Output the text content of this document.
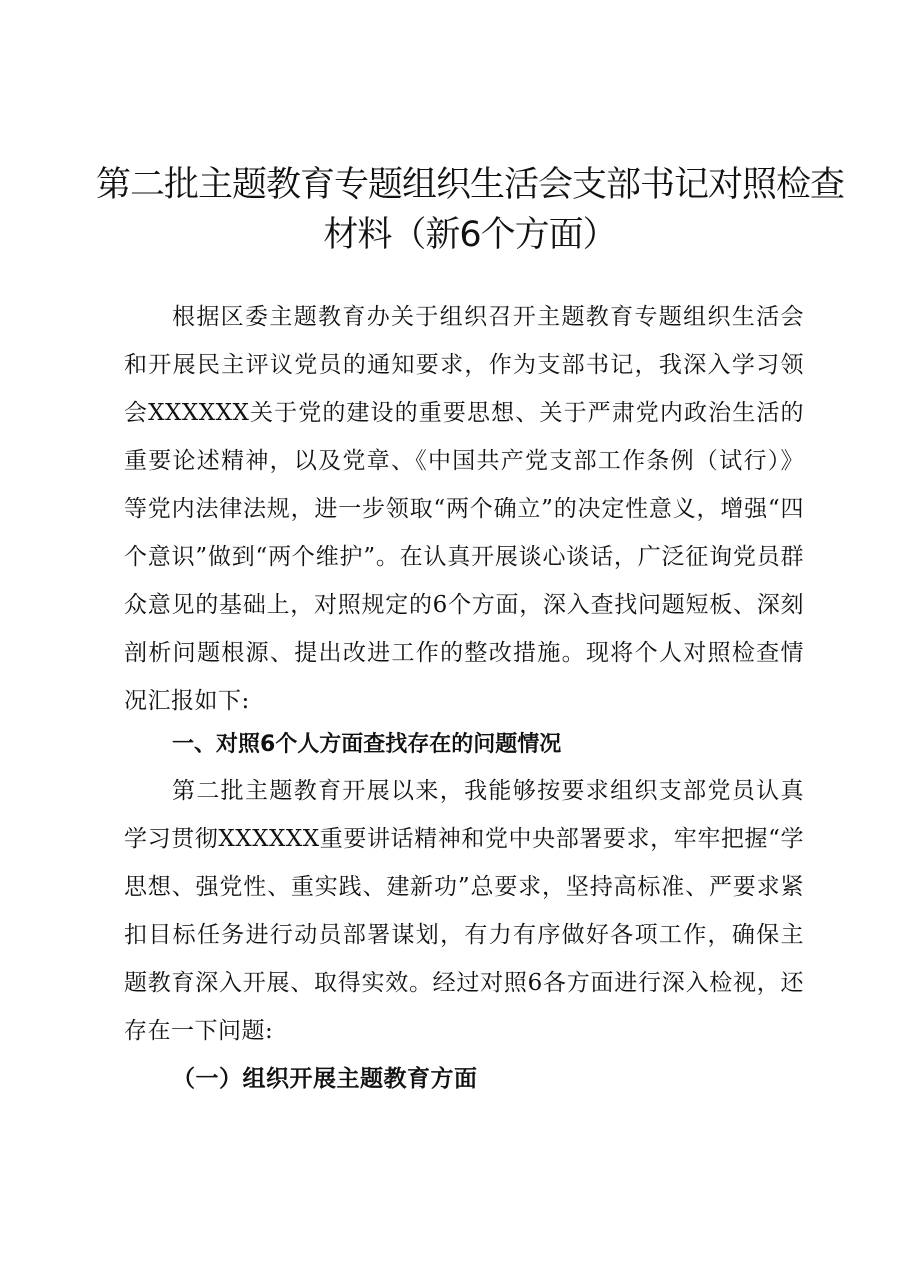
第二批主题教育专题组织生活会支部书记对照检查材料（新6个方面）

根据区委主题教育办关于组织召开主题教育专题组织生活会和开展民主评议党员的通知要求，作为支部书记，我深入学习领会XXXXXX关于党的建设的重要思想、关于严肃党内政治生活的重要论述精神，以及党章、《中国共产党支部工作条例（试行）》等党内法律法规，进一步领取“两个确立”的决定性意义，增强“四个意识”做到“两个维护”。在认真开展谈心谈话，广泛征询党员群众意见的基础上，对照规定的6个方面，深入查找问题短板、深刻剖析问题根源、提出改进工作的整改措施。现将个人对照检查情况汇报如下:

一、对照6个人方面查找存在的问题情况

第二批主题教育开展以来，我能够按要求组织支部党员认真学习贯彻XXXXXX重要讲话精神和党中央部署要求，牢牢把握“学思想、强党性、重实践、建新功”总要求，坚持高标准、严要求紧扣目标任务进行动员部署谋划，有力有序做好各项工作，确保主题教育深入开展、取得实效。经过对照6各方面进行深入检视，还存在一下问题:

（一）组织开展主题教育方面
